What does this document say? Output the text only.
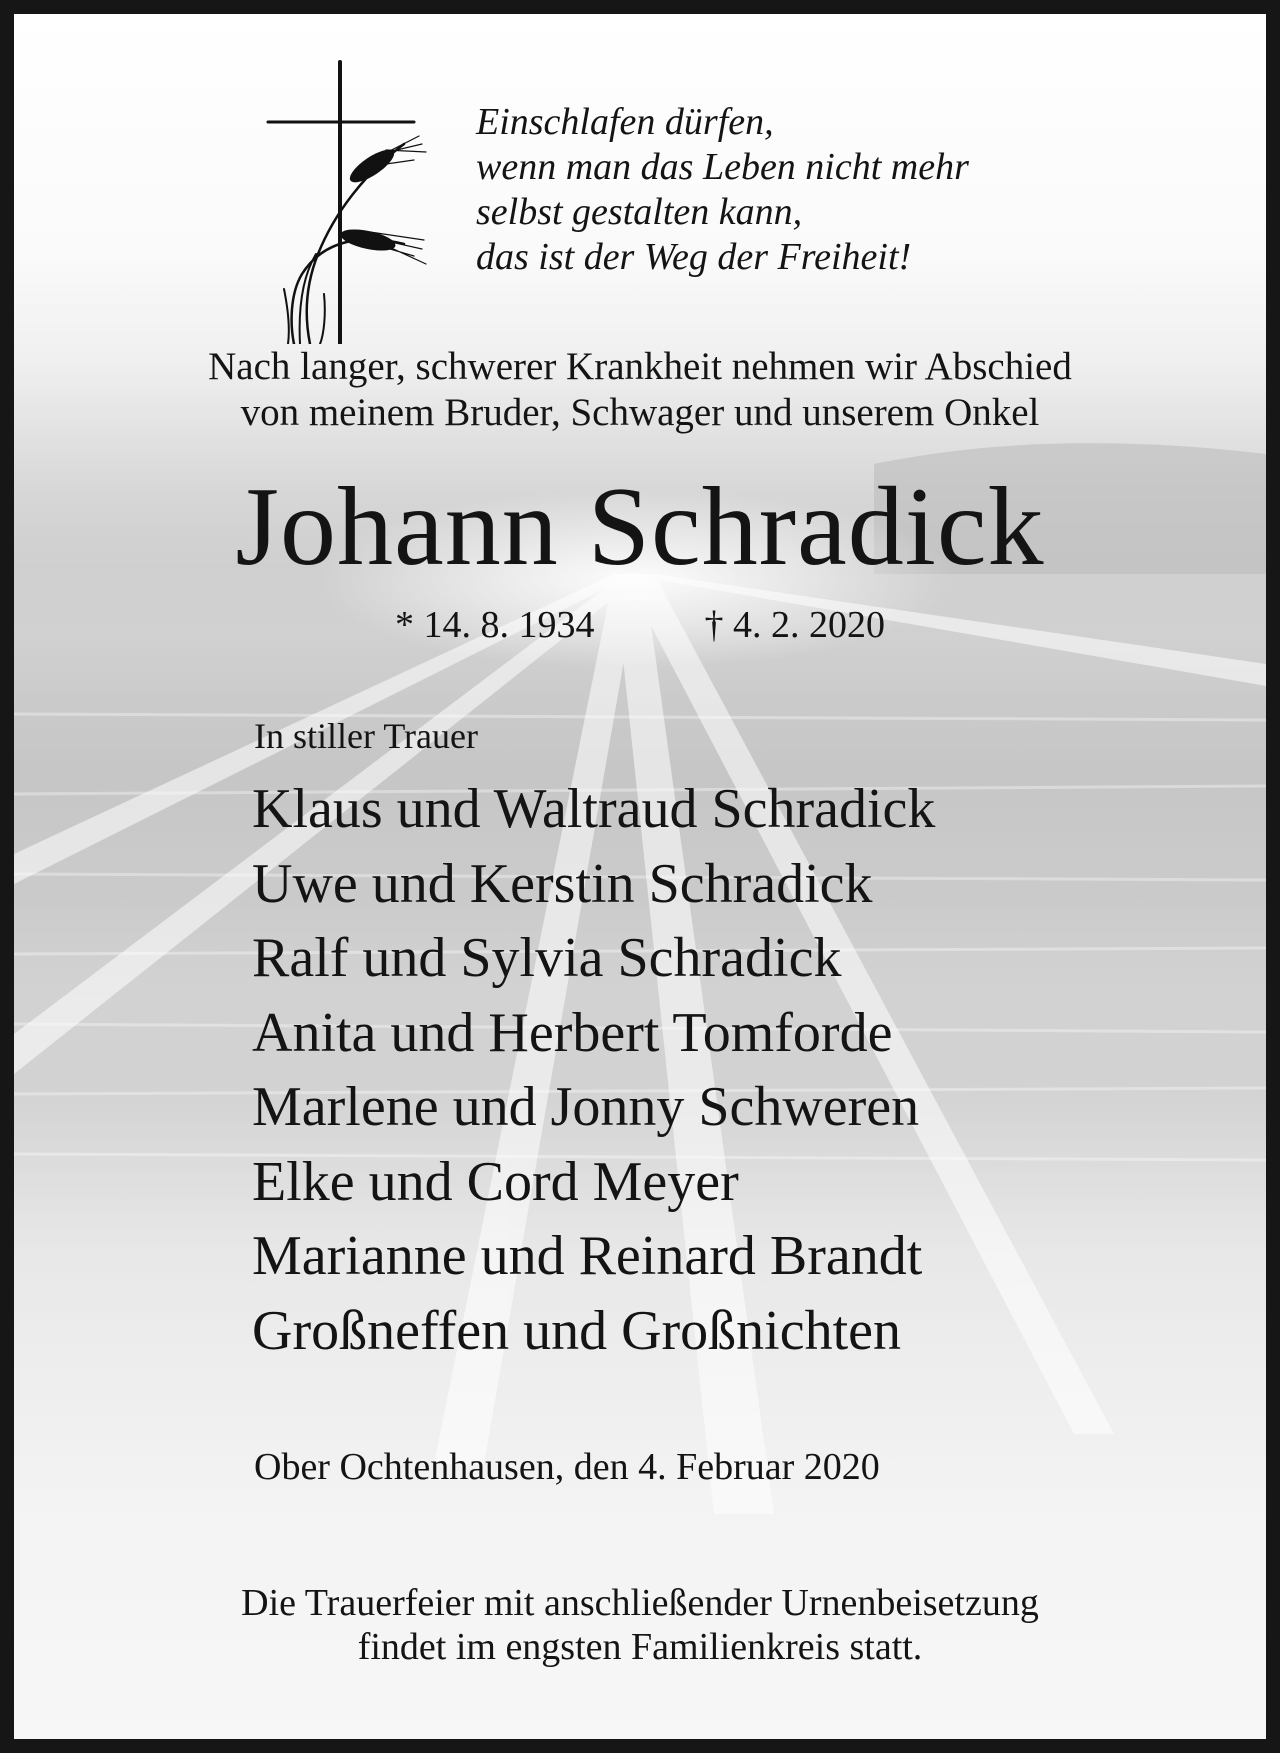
Einschlafen dürfen,
wenn man das Leben nicht mehr
selbst gestalten kann,
das ist der Weg der Freiheit!
Nach langer, schwerer Krankheit nehmen wir Abschied
von meinem Bruder, Schwager und unserem Onkel
Johann Schradick
* 14. 8. 1934	† 4. 2. 2020
In stiller Trauer
Klaus und Waltraud Schradick
Uwe und Kerstin Schradick
Ralf und Sylvia Schradick
Anita und Herbert Tomforde
Marlene und Jonny Schweren
Elke und Cord Meyer
Marianne und Reinard Brandt
Großneffen und Großnichten
Ober Ochtenhausen, den 4. Februar 2020
Die Trauerfeier mit anschließender Urnenbeisetzung
findet im engsten Familienkreis statt.
